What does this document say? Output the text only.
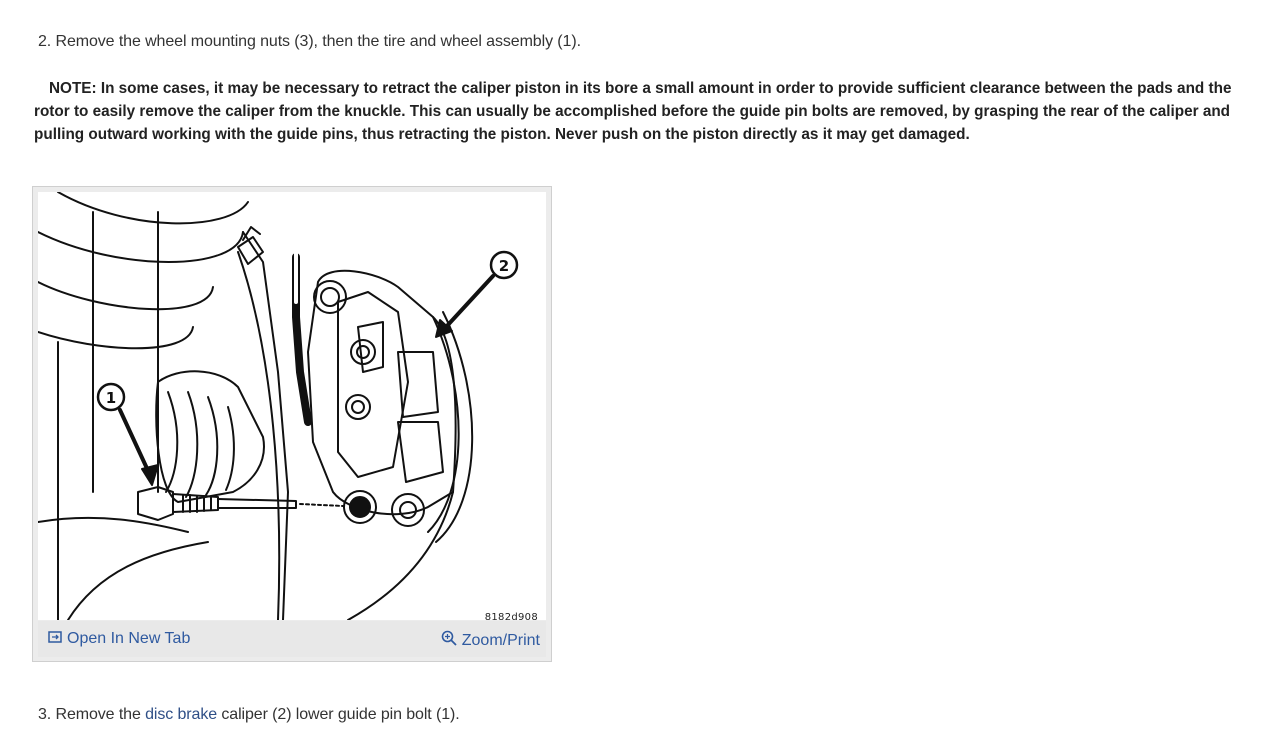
2. Remove the wheel mounting nuts (3), then the tire and wheel assembly (1).
NOTE: In some cases, it may be necessary to retract the caliper piston in its bore a small amount in order to provide sufficient clearance between the pads and the rotor to easily remove the caliper from the knuckle. This can usually be accomplished before the guide pin bolts are removed, by grasping the rear of the caliper and pulling outward working with the guide pins, thus retracting the piston. Never push on the piston directly as it may get damaged.
1
2
8182d908
Open In New Tab	Zoom/Print
3. Remove the disc brake caliper (2) lower guide pin bolt (1).
